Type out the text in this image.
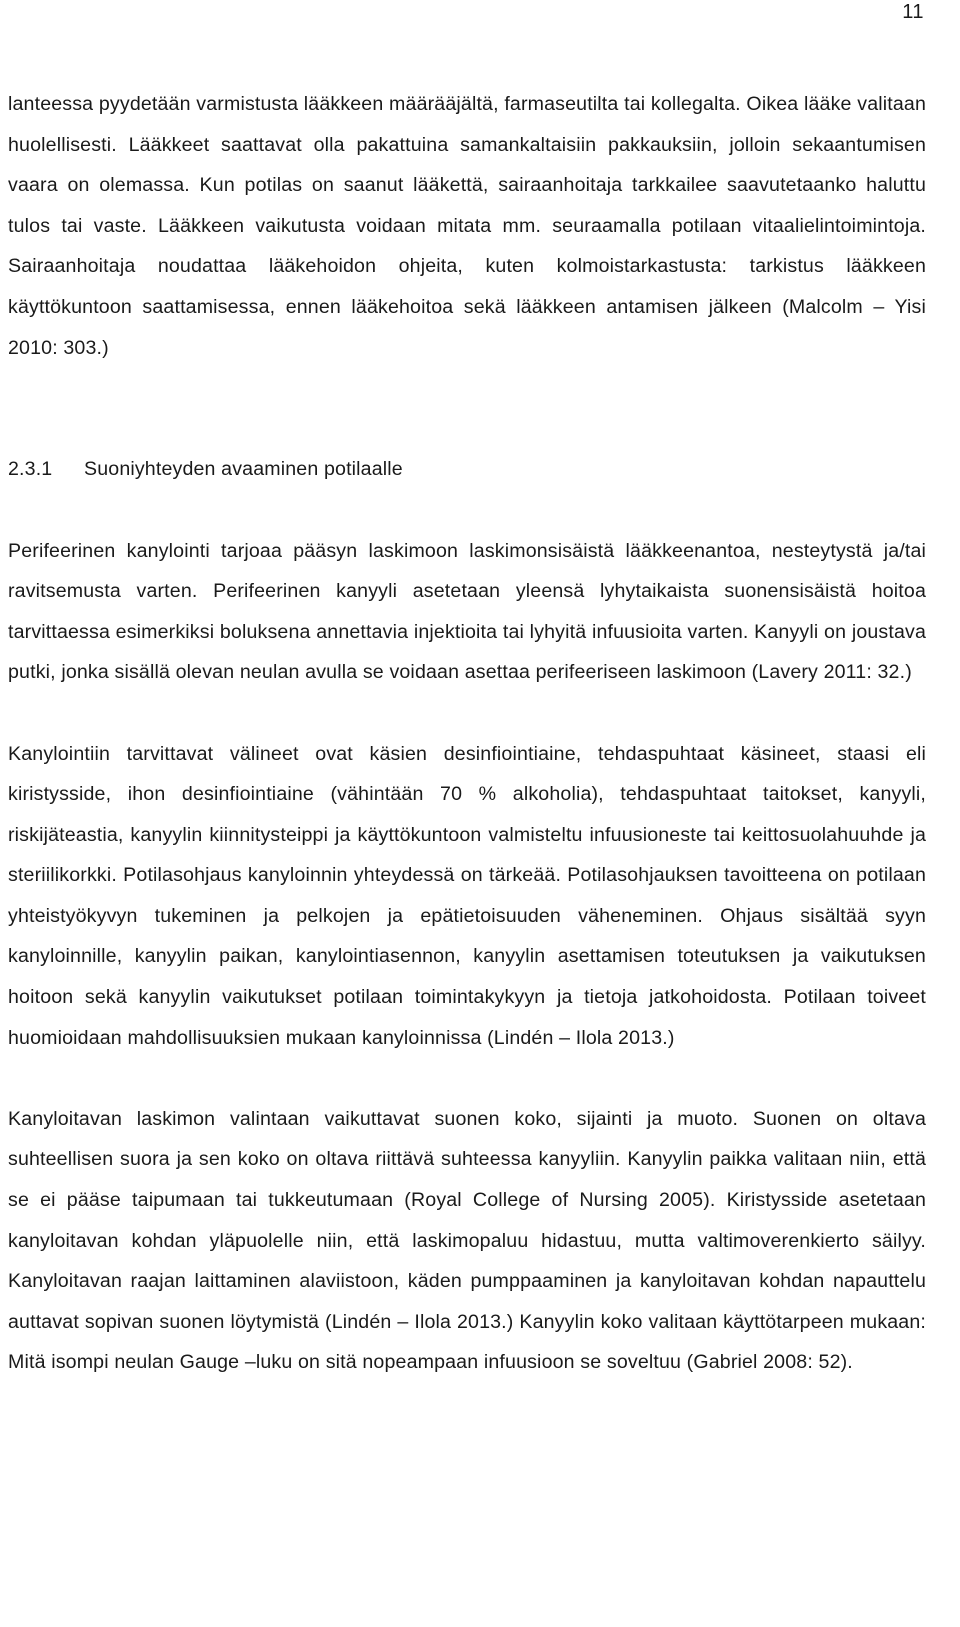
11

lanteessa pyydetään varmistusta lääkkeen määrääjältä, farmaseutilta tai kollegalta. Oikea lääke valitaan huolellisesti. Lääkkeet saattavat olla pakattuina samankaltaisiin pakkauksiin, jolloin sekaantumisen vaara on olemassa. Kun potilas on saanut lääkettä, sairaanhoitaja tarkkailee saavutetaanko haluttu tulos tai vaste. Lääkkeen vaikutusta voidaan mitata mm. seuraamalla potilaan vitaalielintoimintoja. Sairaanhoitaja noudattaa lääkehoidon ohjeita, kuten kolmoistarkastusta: tarkistus lääkkeen käyttökuntoon saattamisessa, ennen lääkehoitoa sekä lääkkeen antamisen jälkeen (Malcolm ‒ Yisi 2010: 303.)

2.3.1 Suoniyhteyden avaaminen potilaalle

Perifeerinen kanylointi tarjoaa pääsyn laskimoon laskimonsisäistä lääkkeenantoa, nesteytystä ja/tai ravitsemusta varten. Perifeerinen kanyyli asetetaan yleensä lyhytaikaista suonensisäistä hoitoa tarvittaessa esimerkiksi boluksena annettavia injektioita tai lyhyitä infuusioita varten. Kanyyli on joustava putki, jonka sisällä olevan neulan avulla se voidaan asettaa perifeeriseen laskimoon (Lavery 2011: 32.)

Kanylointiin tarvittavat välineet ovat käsien desinfiointiaine, tehdaspuhtaat käsineet, staasi eli kiristysside, ihon desinfiointiaine (vähintään 70 % alkoholia), tehdaspuhtaat taitokset, kanyyli, riskijäteastia, kanyylin kiinnitysteippi ja käyttökuntoon valmisteltu infuusioneste tai keittosuolahuuhde ja steriilikorkki. Potilasohjaus kanyloinnin yhteydessä on tärkeää. Potilasohjauksen tavoitteena on potilaan yhteistyökyvyn tukeminen ja pelkojen ja epätietoisuuden väheneminen. Ohjaus sisältää syyn kanyloinnille, kanyylin paikan, kanylointiasennon, kanyylin asettamisen toteutuksen ja vaikutuksen hoitoon sekä kanyylin vaikutukset potilaan toimintakykyyn ja tietoja jatkohoidosta. Potilaan toiveet huomioidaan mahdollisuuksien mukaan kanyloinnissa (Lindén ‒ Ilola 2013.)

Kanyloitavan laskimon valintaan vaikuttavat suonen koko, sijainti ja muoto. Suonen on oltava suhteellisen suora ja sen koko on oltava riittävä suhteessa kanyyliin. Kanyylin paikka valitaan niin, että se ei pääse taipumaan tai tukkeutumaan (Royal College of Nursing 2005). Kiristysside asetetaan kanyloitavan kohdan yläpuolelle niin, että laskimopaluu hidastuu, mutta valtimoverenkierto säilyy. Kanyloitavan raajan laittaminen alaviistoon, käden pumppaaminen ja kanyloitavan kohdan napauttelu auttavat sopivan suonen löytymistä (Lindén ‒ Ilola 2013.) Kanyylin koko valitaan käyttötarpeen mukaan: Mitä isompi neulan Gauge –luku on sitä nopeampaan infuusioon se soveltuu (Gabriel 2008: 52).
